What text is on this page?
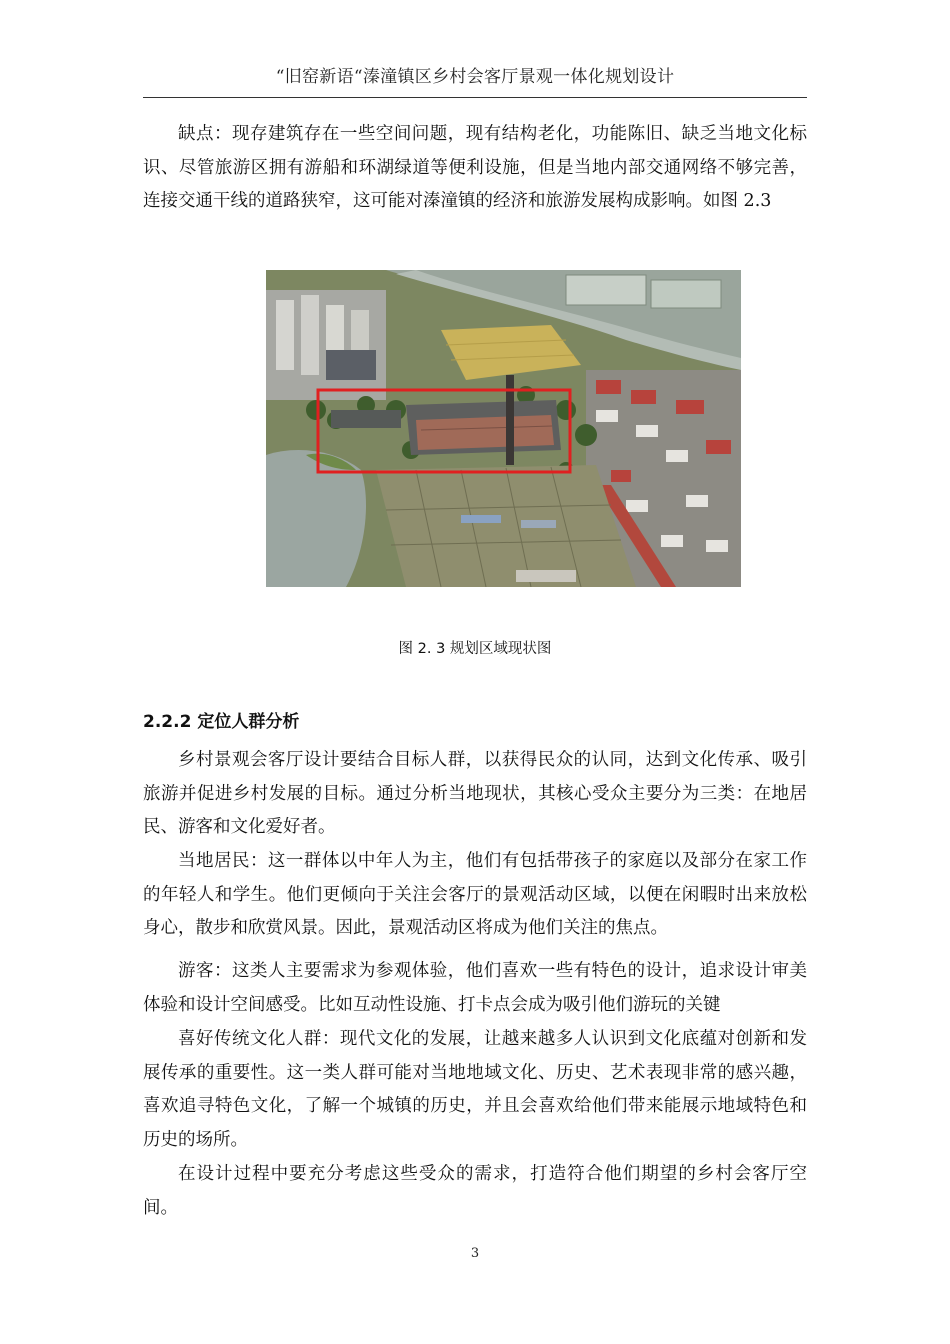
“旧窑新语“溱潼镇区乡村会客厅景观一体化规划设计

缺点：现存建筑存在一些空间问题，现有结构老化，功能陈旧、缺乏当地文化标识、尽管旅游区拥有游船和环湖绿道等便利设施，但是当地内部交通网络不够完善，连接交通干线的道路狭窄，这可能对溱潼镇的经济和旅游发展构成影响。如图 2.3

图 2. 3 规划区域现状图
2.2.2 定位人群分析

乡村景观会客厅设计要结合目标人群，以获得民众的认同，达到文化传承、吸引旅游并促进乡村发展的目标。通过分析当地现状，其核心受众主要分为三类：在地居民、游客和文化爱好者。

当地居民：这一群体以中年人为主，他们有包括带孩子的家庭以及部分在家工作的年轻人和学生。他们更倾向于关注会客厅的景观活动区域，以便在闲暇时出来放松身心，散步和欣赏风景。因此，景观活动区将成为他们关注的焦点。

游客：这类人主要需求为参观体验，他们喜欢一些有特色的设计，追求设计审美体验和设计空间感受。比如互动性设施、打卡点会成为吸引他们游玩的关键

喜好传统文化人群：现代文化的发展，让越来越多人认识到文化底蕴对创新和发展传承的重要性。这一类人群可能对当地地域文化、历史、艺术表现非常的感兴趣，喜欢追寻特色文化，了解一个城镇的历史，并且会喜欢给他们带来能展示地域特色和历史的场所。

在设计过程中要充分考虑这些受众的需求，打造符合他们期望的乡村会客厅空间。

3
